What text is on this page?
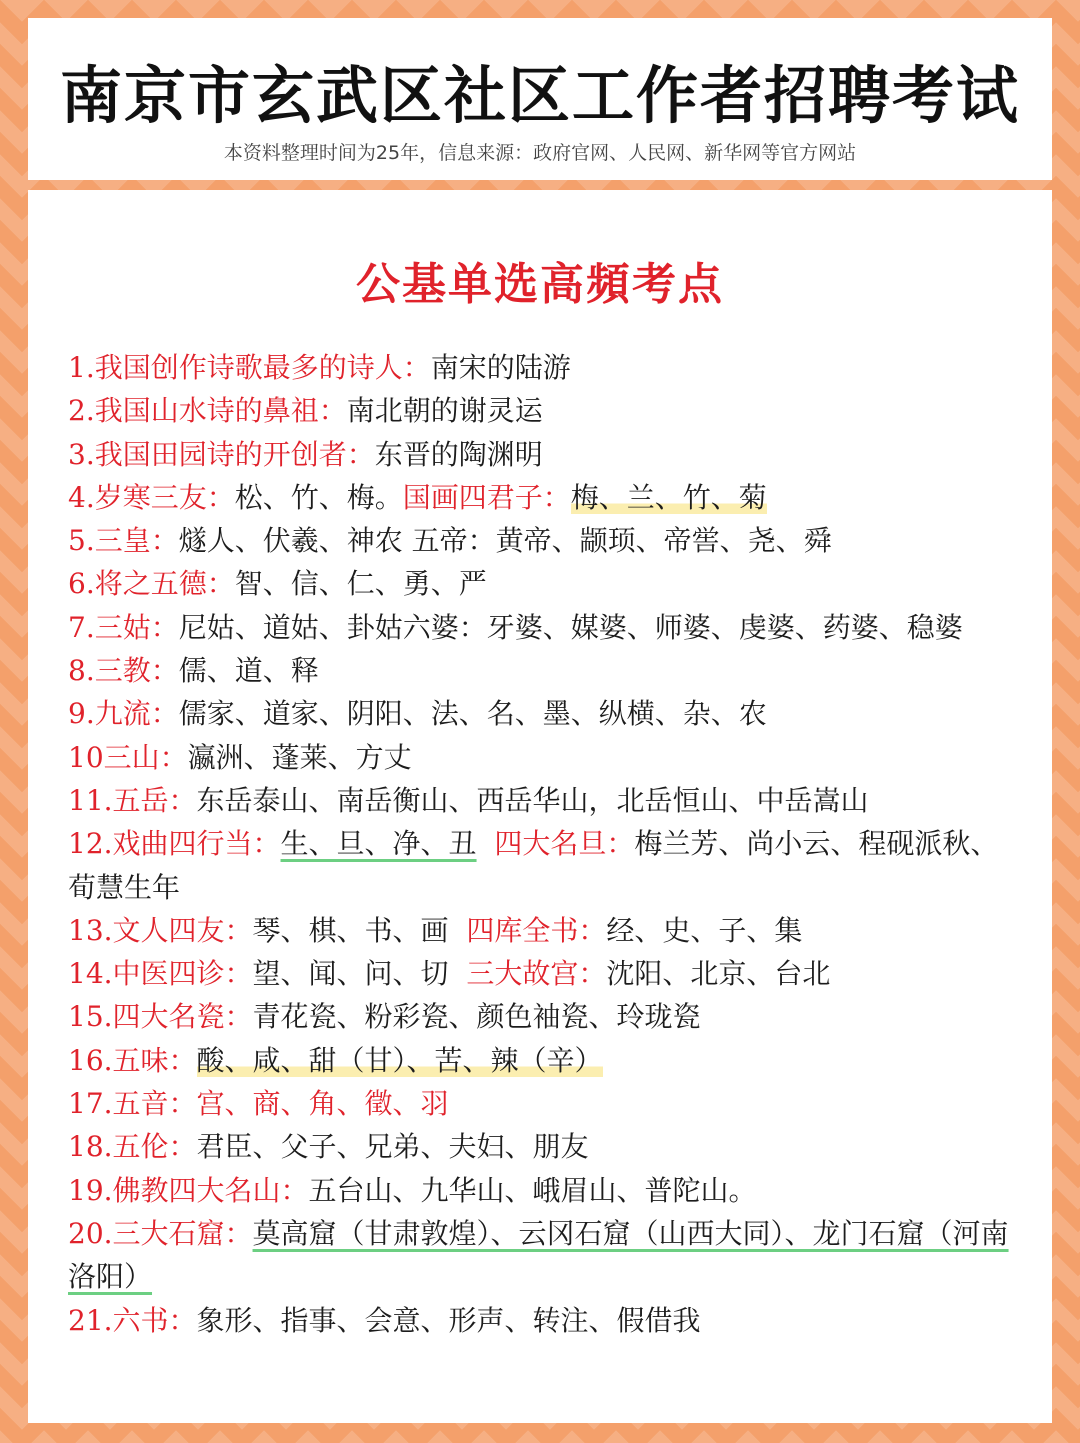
南京市玄武区社区工作者招聘考试
本资料整理时间为25年，信息来源：政府官网、人民网、新华网等官方网站
公基单选高頻考点

1.我国创作诗歌最多的诗人：南宋的陆游

2.我国山水诗的鼻祖：南北朝的谢灵运

3.我国田园诗的开创者：东晋的陶渊明

4.岁寒三友：松、竹、梅。国画四君子：梅、兰、竹、菊

5.三皇：燧人、伏羲、神农 五帝：黄帝、颛顼、帝喾、尧、舜

6.将之五德：智、信、仁、勇、严

7.三姑：尼姑、道姑、卦姑六婆：牙婆、媒婆、师婆、虔婆、药婆、稳婆

8.三教：儒、道、释

9.九流：儒家、道家、阴阳、法、名、墨、纵横、杂、农

10三山：瀛洲、蓬莱、方丈

11.五岳：东岳泰山、南岳衡山、西岳华山，北岳恒山、中岳嵩山

12.戏曲四行当：生、旦、净、丑 四大名旦：梅兰芳、尚小云、程砚派秋、荀慧生年

13.文人四友：琴、棋、书、画 四库全书：经、史、子、集

14.中医四诊：望、闻、问、切 三大故宫：沈阳、北京、台北

15.四大名瓷：青花瓷、粉彩瓷、颜色袖瓷、玲珑瓷

16.五味：酸、咸、甜（甘）、苦、辣（辛）

17.五音：宫、商、角、徵、羽

18.五伦：君臣、父子、兄弟、夫妇、朋友

19.佛教四大名山：五台山、九华山、峨眉山、普陀山。

20.三大石窟：莫高窟（甘肃敦煌）、云冈石窟（山西大同）、龙门石窟（河南洛阳）

21.六书：象形、指事、会意、形声、转注、假借我
